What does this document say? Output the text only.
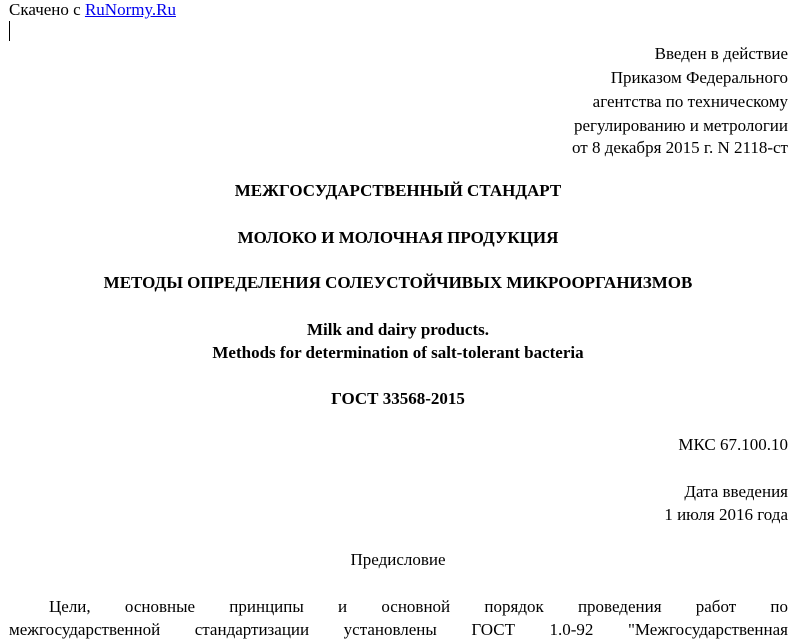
Скачено с RuNormy.Ru
Введен в действие
Приказом Федерального
агентства по техническому
регулированию и метрологии
от 8 декабря 2015 г. N 2118-ст
МЕЖГОСУДАРСТВЕННЫЙ СТАНДАРТ
МОЛОКО И МОЛОЧНАЯ ПРОДУКЦИЯ
МЕТОДЫ ОПРЕДЕЛЕНИЯ СОЛЕУСТОЙЧИВЫХ МИКРООРГАНИЗМОВ
Milk and dairy products.
Methods for determination of salt-tolerant bacteria
ГОСТ 33568-2015
МКС 67.100.10
Дата введения
1 июля 2016 года
Предисловие
Цели, основные принципы и основной порядок проведения работ по
межгосударственной стандартизации установлены ГОСТ 1.0-92 "Межгосударственная
